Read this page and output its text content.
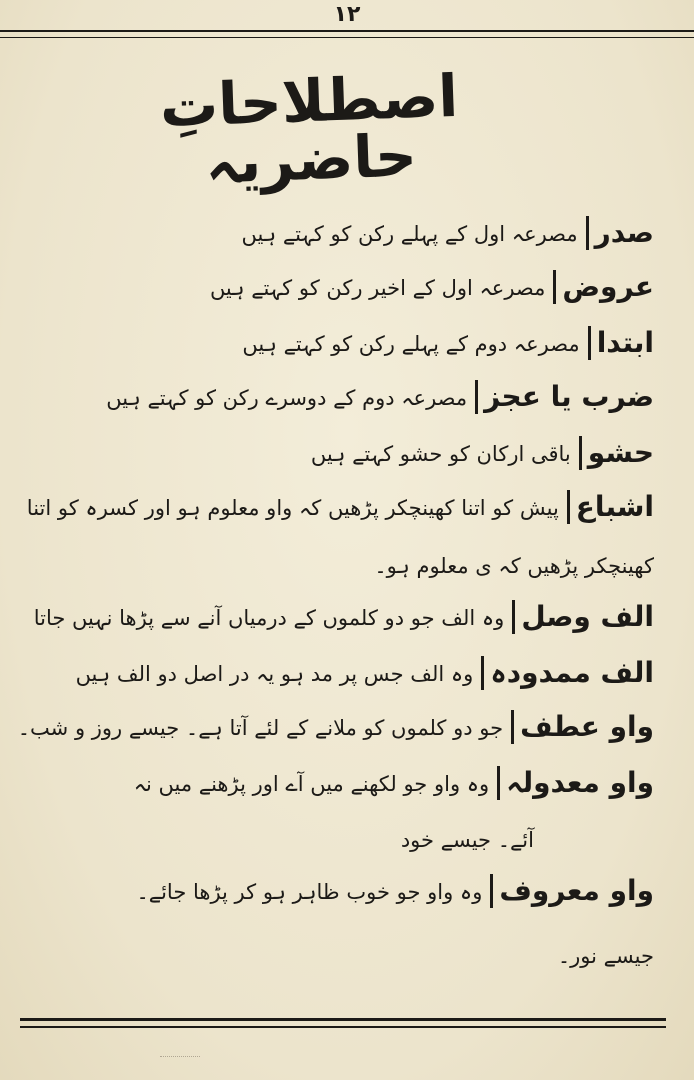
١٢
اصطلاحاتِ حاضریہ
صدر
مصرعہ اول کے پہلے رکن کو کہتے ہیں
عروض
مصرعہ اول کے اخیر رکن کو کہتے ہیں
ابتدا
مصرعہ دوم کے پہلے رکن کو کہتے ہیں
ضرب یا عجز
مصرعہ دوم کے دوسرے رکن کو کہتے ہیں
حشو
باقی ارکان کو حشو کہتے ہیں
اشباع
پیش کو اتنا کھینچکر پڑھیں کہ واو معلوم ہو اور کسرہ کو اتنا
کھینچکر پڑھیں کہ ی معلوم ہو۔
الف وصل
وہ الف جو دو کلموں کے درمیاں آنے سے پڑھا نہیں جاتا
الف ممدودہ
وہ الف جس پر مد ہو یہ در اصل دو الف ہیں
واو عطف
جو دو کلموں کو ملانے کے لئے آتا ہے۔ جیسے روز و شب۔
واو معدولہ
وہ واو جو لکھنے میں آے اور پڑھنے میں نہ
آئے۔ جیسے خود
واو معروف
وہ واو جو خوب ظاہر ہو کر پڑھا جائے۔
جیسے نور۔
